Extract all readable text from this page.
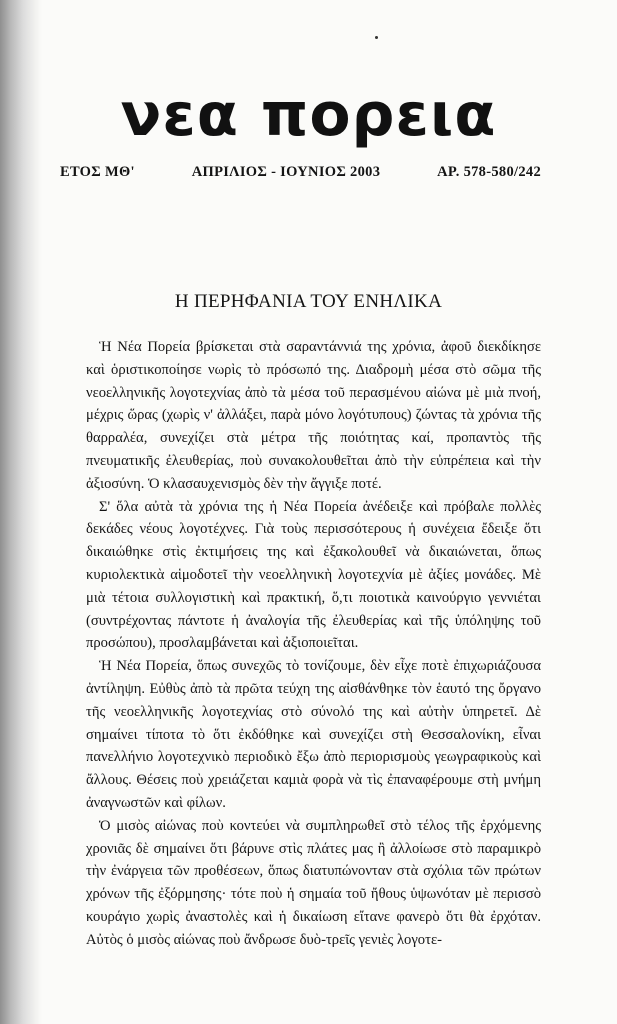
νεα πορεια
ΕΤΟΣ ΜΘ'	ΑΠΡΙΛΙΟΣ - ΙΟΥΝΙΟΣ 2003	ΑΡ. 578-580/242
Η ΠΕΡΗΦΑΝΙΑ ΤΟΥ ΕΝΗΛΙΚΑ

Ἡ Νέα Πορεία βρίσκεται στὰ σαραντάννιά της χρόνια, ἀφοῦ διεκδίκησε καὶ ὁριστικοποίησε νωρὶς τὸ πρόσωπό της. Διαδρομὴ μέσα στὸ σῶμα τῆς νεοελληνικῆς λογοτεχνίας ἀπὸ τὰ μέσα τοῦ περασμένου αἰώνα μὲ μιὰ πνοή, μέχρις ὥρας (χωρὶς ν' ἀλλάξει, παρὰ μόνο λογότυπους) ζώντας τὰ χρόνια τῆς θαρραλέα, συνεχίζει στὰ μέτρα τῆς ποιότητας καί, προπαντὸς τῆς πνευματικῆς ἐλευθερίας, ποὺ συνακολουθεῖται ἀπὸ τὴν εὐπρέπεια καὶ τὴν ἀξιοσύνη. Ὁ κλασαυχενισμὸς δὲν τὴν ἄγγιξε ποτέ.

Σ' ὅλα αὐτὰ τὰ χρόνια της ἡ Νέα Πορεία ἀνέδειξε καὶ πρόβαλε πολλὲς δεκάδες νέους λογοτέχνες. Γιὰ τοὺς περισσότερους ἡ συνέχεια ἔδειξε ὅτι δικαιώθηκε στὶς ἐκτιμήσεις της καὶ ἐξακολουθεῖ νὰ δικαιώνεται, ὅπως κυριολεκτικὰ αἱμοδοτεῖ τὴν νεοελληνικὴ λογοτεχνία μὲ ἀξίες μονάδες. Μὲ μιὰ τέτοια συλλογιστικὴ καὶ πρακτική, ὅ,τι ποιοτικὰ καινούργιο γεννιέται (συντρέχοντας πάντοτε ἡ ἀναλογία τῆς ἐλευθερίας καὶ τῆς ὑπόληψης τοῦ προσώπου), προσλαμβάνεται καὶ ἀξιοποιεῖται.

Ἡ Νέα Πορεία, ὅπως συνεχῶς τὸ τονίζουμε, δὲν εἶχε ποτὲ ἐπιχωριάζουσα ἀντίληψη. Εὐθὺς ἀπὸ τὰ πρῶτα τεύχη της αἰσθάνθηκε τὸν ἑαυτό της ὄργανο τῆς νεοελληνικῆς λογοτεχνίας στὸ σύνολό της καὶ αὐτὴν ὑπηρετεῖ. Δὲ σημαίνει τίποτα τὸ ὅτι ἐκδόθηκε καὶ συνεχίζει στὴ Θεσσαλονίκη, εἶναι πανελλήνιο λογοτεχνικὸ περιοδικὸ ἔξω ἀπὸ περιορισμοὺς γεωγραφικοὺς καὶ ἄλλους. Θέσεις ποὺ χρειάζεται καμιὰ φορὰ νὰ τὶς ἐπαναφέρουμε στὴ μνήμη ἀναγνωστῶν καὶ φίλων.

Ὁ μισὸς αἰώνας ποὺ κοντεύει νὰ συμπληρωθεῖ στὸ τέλος τῆς ἐρχόμενης χρονιᾶς δὲ σημαίνει ὅτι βάρυνε στὶς πλάτες μας ἢ ἀλλοίωσε στὸ παραμικρὸ τὴν ἐνάργεια τῶν προθέσεων, ὅπως διατυπώνονταν στὰ σχόλια τῶν πρώτων χρόνων τῆς ἐξόρμησης· τότε ποὺ ἡ σημαία τοῦ ἤθους ὑψωνόταν μὲ περισσὸ κουράγιο χωρὶς ἀναστολὲς καὶ ἡ δικαίωση εἴτανε φανερὸ ὅτι θὰ ἐρχόταν. Αὐτὸς ὁ μισὸς αἰώνας ποὺ ἄνδρωσε δυὸ-τρεῖς γενιὲς λογοτε-
